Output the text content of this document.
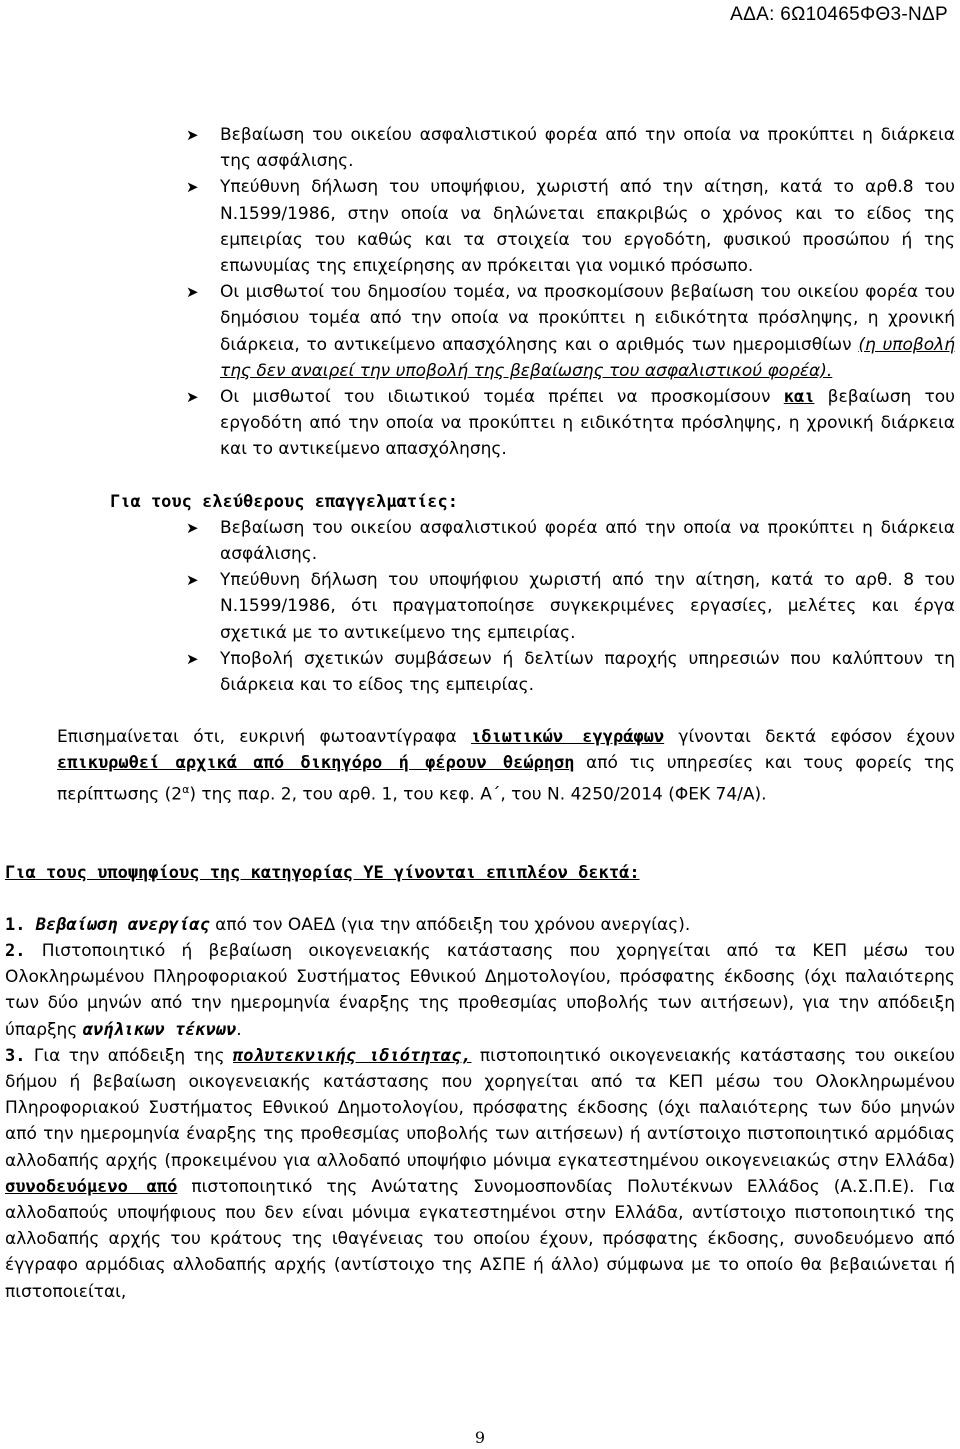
ΑΔΑ: 6Ω10465ΦΘ3-ΝΔΡ
➤ Βεβαίωση του οικείου ασφαλιστικού φορέα από την οποία να προκύπτει η διάρκεια της ασφάλισης.
➤ Υπεύθυνη δήλωση του υποψήφιου, χωριστή από την αίτηση, κατά το αρθ.8 του Ν.1599/1986, στην οποία να δηλώνεται επακριβώς ο χρόνος και το είδος της εμπειρίας του καθώς και τα στοιχεία του εργοδότη, φυσικού προσώπου ή της επωνυμίας της επιχείρησης αν πρόκειται για νομικό πρόσωπο.
➤ Οι μισθωτοί του δημοσίου τομέα, να προσκομίσουν βεβαίωση του οικείου φορέα του δημόσιου τομέα από την οποία να προκύπτει η ειδικότητα πρόσληψης, η χρονική διάρκεια, το αντικείμενο απασχόλησης και ο αριθμός των ημερομισθίων (η υποβολή της δεν αναιρεί την υποβολή της βεβαίωσης του ασφαλιστικού φορέα).
➤ Οι μισθωτοί του ιδιωτικού τομέα πρέπει να προσκομίσουν και βεβαίωση του εργοδότη από την οποία να προκύπτει η ειδικότητα πρόσληψης, η χρονική διάρκεια και το αντικείμενο απασχόλησης.

Για τους ελεύθερους επαγγελματίες:

➤ Βεβαίωση του οικείου ασφαλιστικού φορέα από την οποία να προκύπτει η διάρκεια ασφάλισης.
➤ Υπεύθυνη δήλωση του υποψήφιου χωριστή από την αίτηση, κατά το αρθ. 8 του Ν.1599/1986, ότι πραγματοποίησε συγκεκριμένες εργασίες, μελέτες και έργα σχετικά με το αντικείμενο της εμπειρίας.
➤ Υποβολή σχετικών συμβάσεων ή δελτίων παροχής υπηρεσιών που καλύπτουν τη διάρκεια και το είδος της εμπειρίας.

Επισημαίνεται ότι, ευκρινή φωτοαντίγραφα ιδιωτικών εγγράφων γίνονται δεκτά εφόσον έχουν επικυρωθεί αρχικά από δικηγόρο ή φέρουν θεώρηση από τις υπηρεσίες και τους φορείς της περίπτωσης $(2^\alpha)$ της παρ. 2, του αρθ. 1, του κεφ. Α΄, του Ν. 4250/2014 (ΦΕΚ 74/Α).

Για τους υποψηφίους της κατηγορίας ΥΕ γίνονται επιπλέον δεκτά:

1. Βεβαίωση ανεργίας από τον ΟΑΕΔ (για την απόδειξη του χρόνου ανεργίας).

2. Πιστοποιητικό ή βεβαίωση οικογενειακής κατάστασης που χορηγείται από τα ΚΕΠ μέσω του Ολοκληρωμένου Πληροφοριακού Συστήματος Εθνικού Δημοτολογίου, πρόσφατης έκδοσης (όχι παλαιότερης των δύο μηνών από την ημερομηνία έναρξης της προθεσμίας υποβολής των αιτήσεων), για την απόδειξη ύπαρξης ανήλικων τέκνων.

3. Για την απόδειξη της πολυτεκνικής ιδιότητας, πιστοποιητικό οικογενειακής κατάστασης του οικείου δήμου ή βεβαίωση οικογενειακής κατάστασης που χορηγείται από τα ΚΕΠ μέσω του Ολοκληρωμένου Πληροφοριακού Συστήματος Εθνικού Δημοτολογίου, πρόσφατης έκδοσης (όχι παλαιότερης των δύο μηνών από την ημερομηνία έναρξης της προθεσμίας υποβολής των αιτήσεων) ή αντίστοιχο πιστοποιητικό αρμόδιας αλλοδαπής αρχής (προκειμένου για αλλοδαπό υποψήφιο μόνιμα εγκατεστημένου οικογενειακώς στην Ελλάδα) συνοδευόμενο από πιστοποιητικό της Ανώτατης Συνομοσπονδίας Πολυτέκνων Ελλάδος (Α.Σ.Π.Ε). Για αλλοδαπούς υποψήφιους που δεν είναι μόνιμα εγκατεστημένοι στην Ελλάδα, αντίστοιχο πιστοποιητικό της αλλοδαπής αρχής του κράτους της ιθαγένειας του οποίου έχουν, πρόσφατης έκδοσης, συνοδευόμενο από έγγραφο αρμόδιας αλλοδαπής αρχής (αντίστοιχο της ΑΣΠΕ ή άλλο) σύμφωνα με το οποίο θα βεβαιώνεται ή πιστοποιείται,

9
